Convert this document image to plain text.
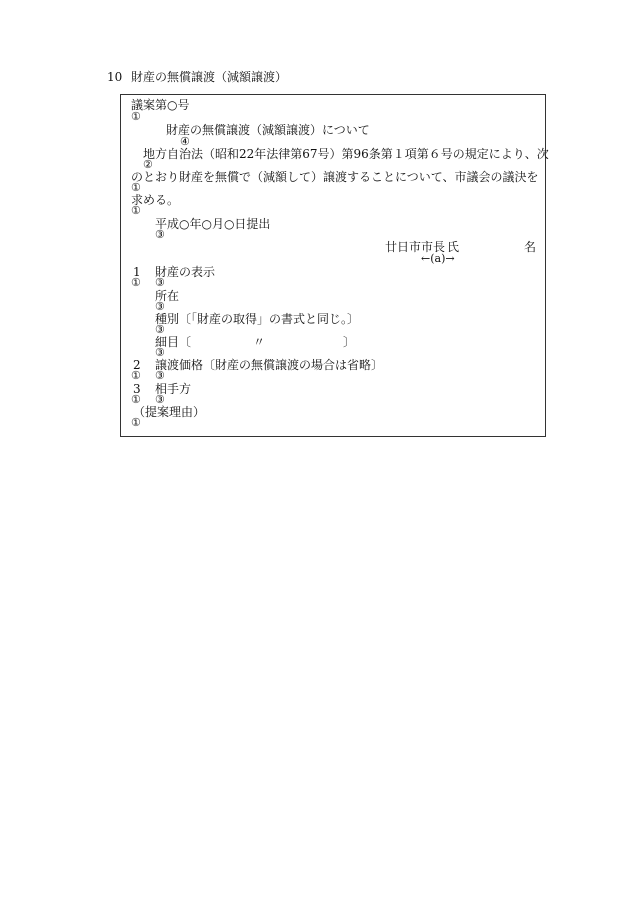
10 財産の無償譲渡（減額譲渡）
議案第○号
①
財産の無償譲渡（減額譲渡）について
④
地方自治法（昭和22年法律第67号）第96条第１項第６号の規定により、次
②
のとおり財産を無償で（減額して）譲渡することについて、市議会の議決を
①
求める。
①
平成○年○月○日提出
③
廿日市市長 氏	名
←(a)→
1 財産の表示
① ③
所在
③
種別〔「財産の取得」の書式と同じ。〕
③
細目〔	〃	〕
③
2 譲渡価格〔財産の無償譲渡の場合は省略〕
① ③
3 相手方
① ③
（提案理由）
①
